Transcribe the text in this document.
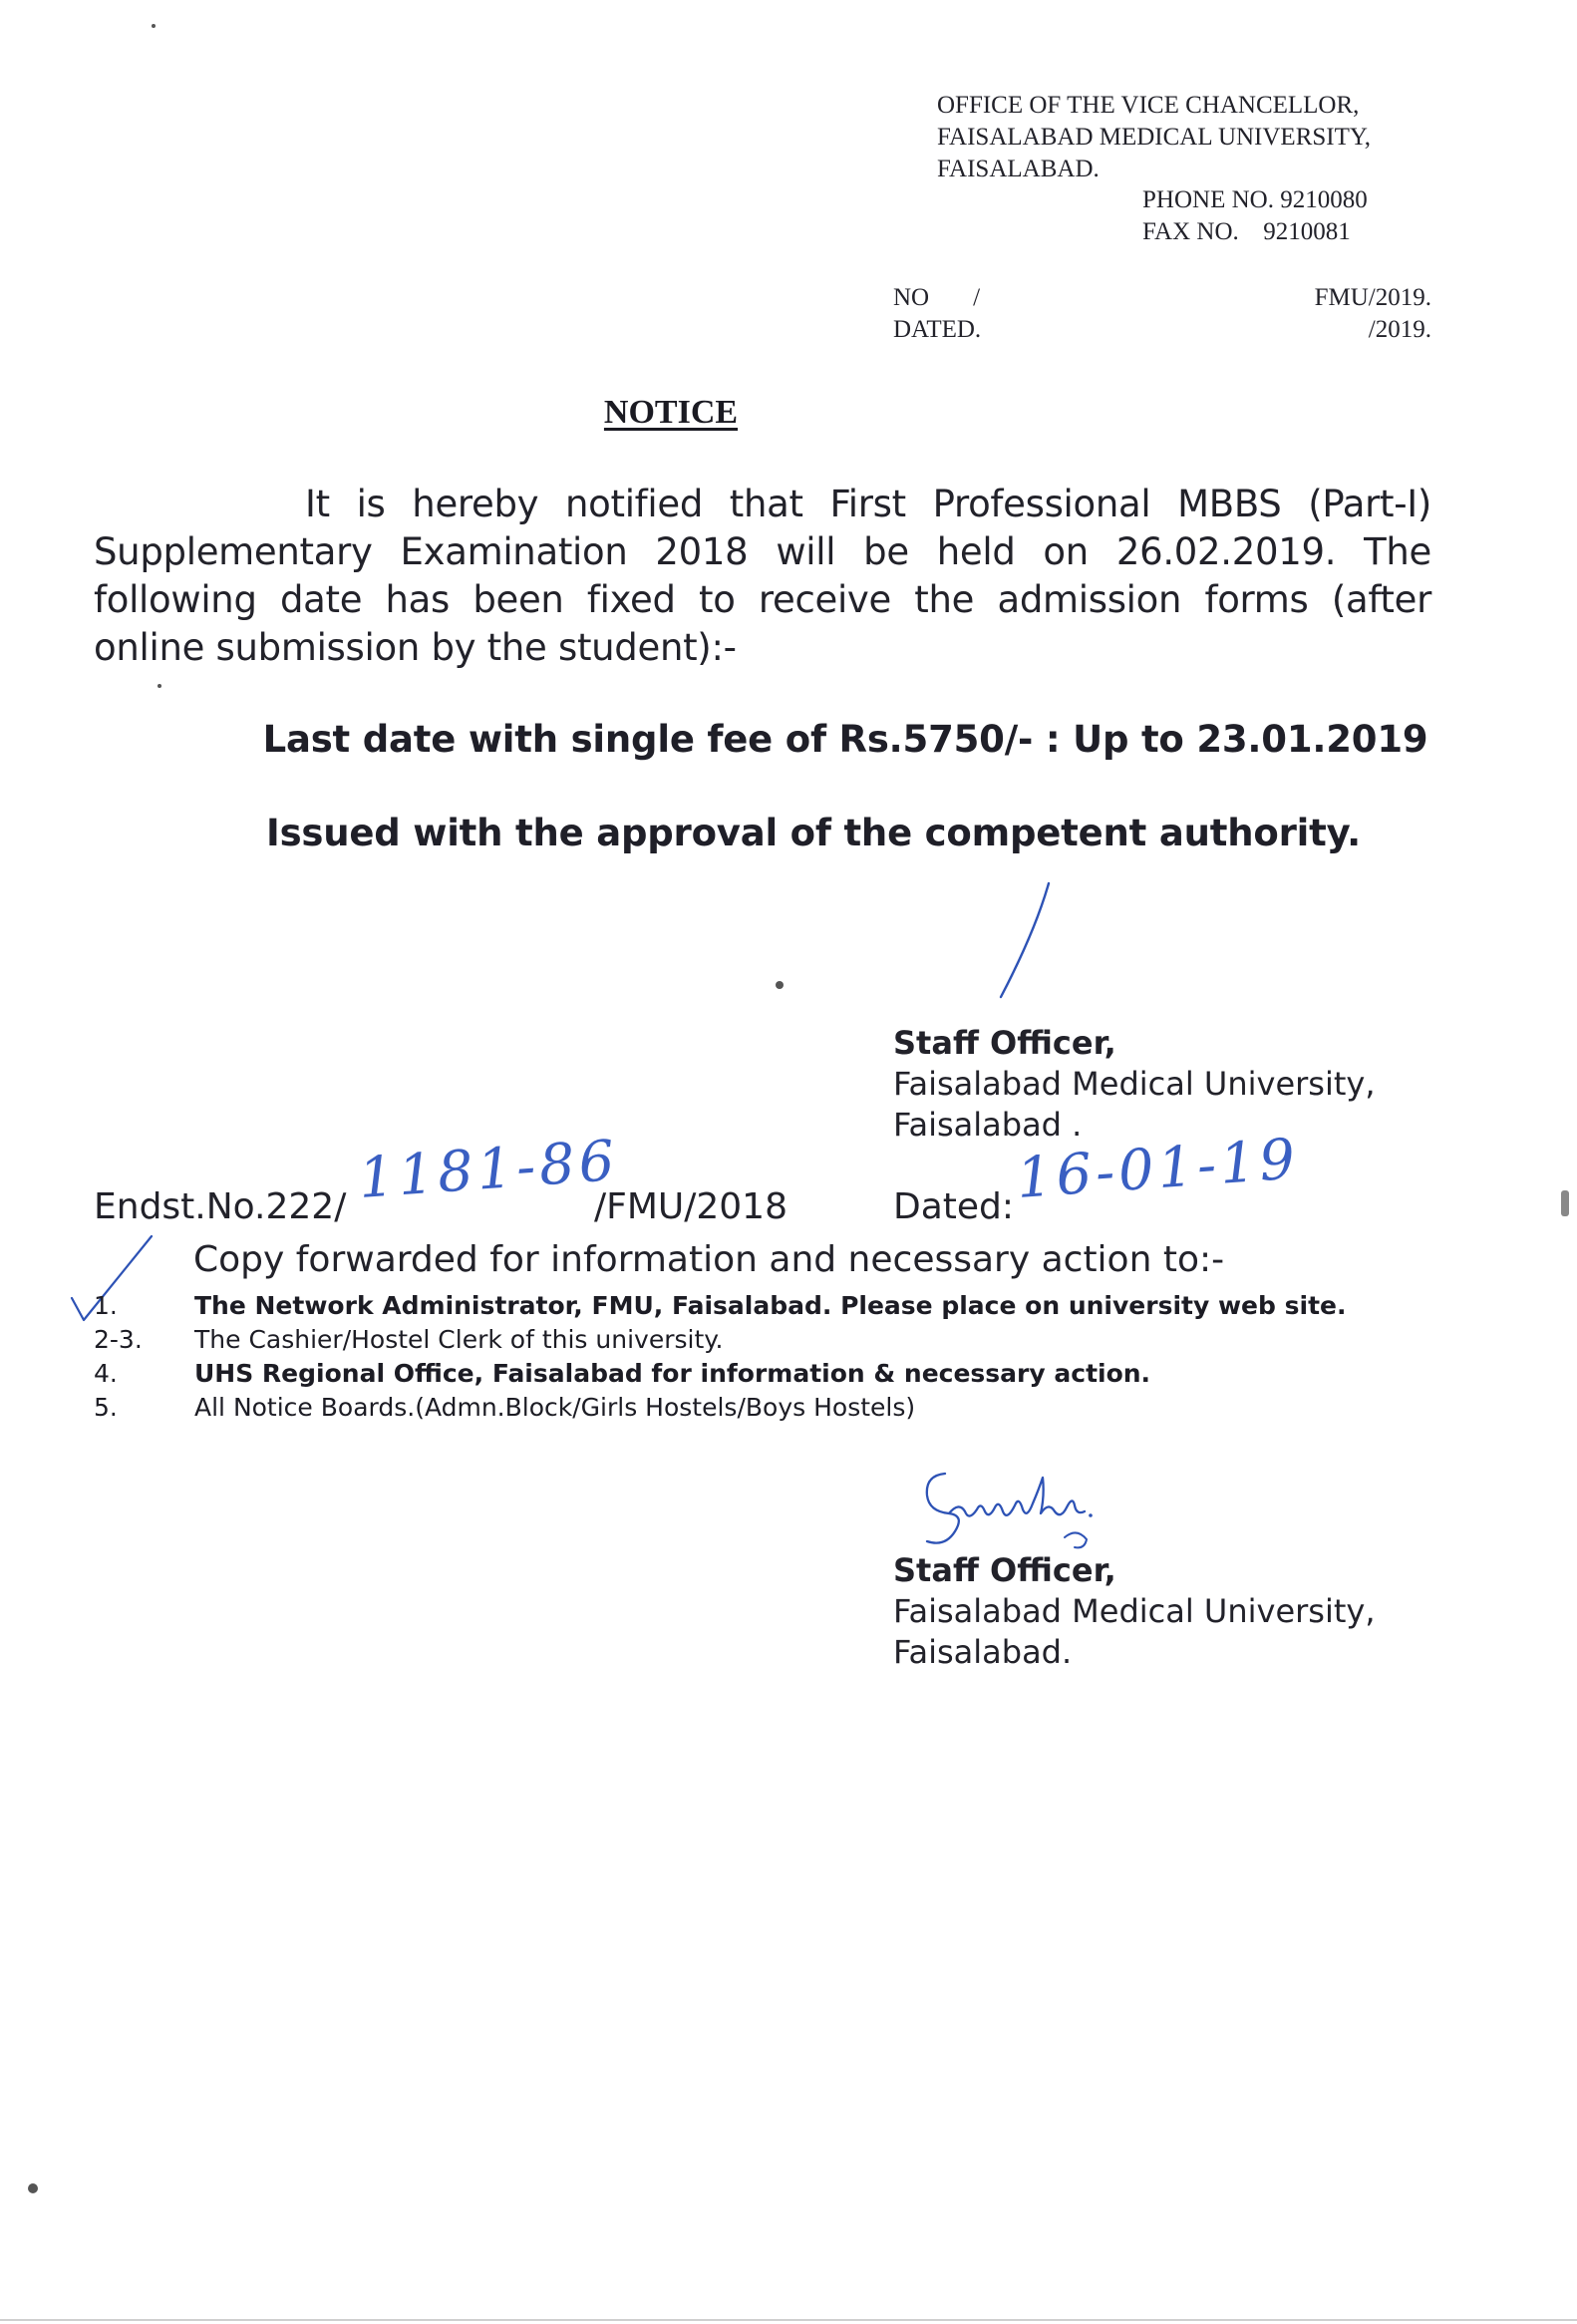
OFFICE OF THE VICE CHANCELLOR,
FAISALABAD MEDICAL UNIVERSITY,
FAISALABAD.
PHONE NO. 9210080
FAX NO. 9210081
NO /	FMU/2019.
DATED.	/2019.
NOTICE
It is hereby notified that First Professional MBBS (Part-I) Supplementary Examination 2018 will be held on 26.02.2019. The following date has been fixed to receive the admission forms (after online submission by the student):-
Last date with single fee of Rs.5750/- : Up to 23.01.2019
Issued with the approval of the competent authority.
Staff Officer,
Faisalabad Medical University,
Faisalabad .
Endst.No.222/	/FMU/2018	Dated:
1181-86	16-01-19
Copy forwarded for information and necessary action to:-
1.	The Network Administrator, FMU, Faisalabad. Please place on university web site.
2-3. The Cashier/Hostel Clerk of this university.
4.	UHS Regional Office, Faisalabad for information & necessary action.
5.	All Notice Boards.(Admn.Block/Girls Hostels/Boys Hostels)
Staff Officer,
Faisalabad Medical University,
Faisalabad.
